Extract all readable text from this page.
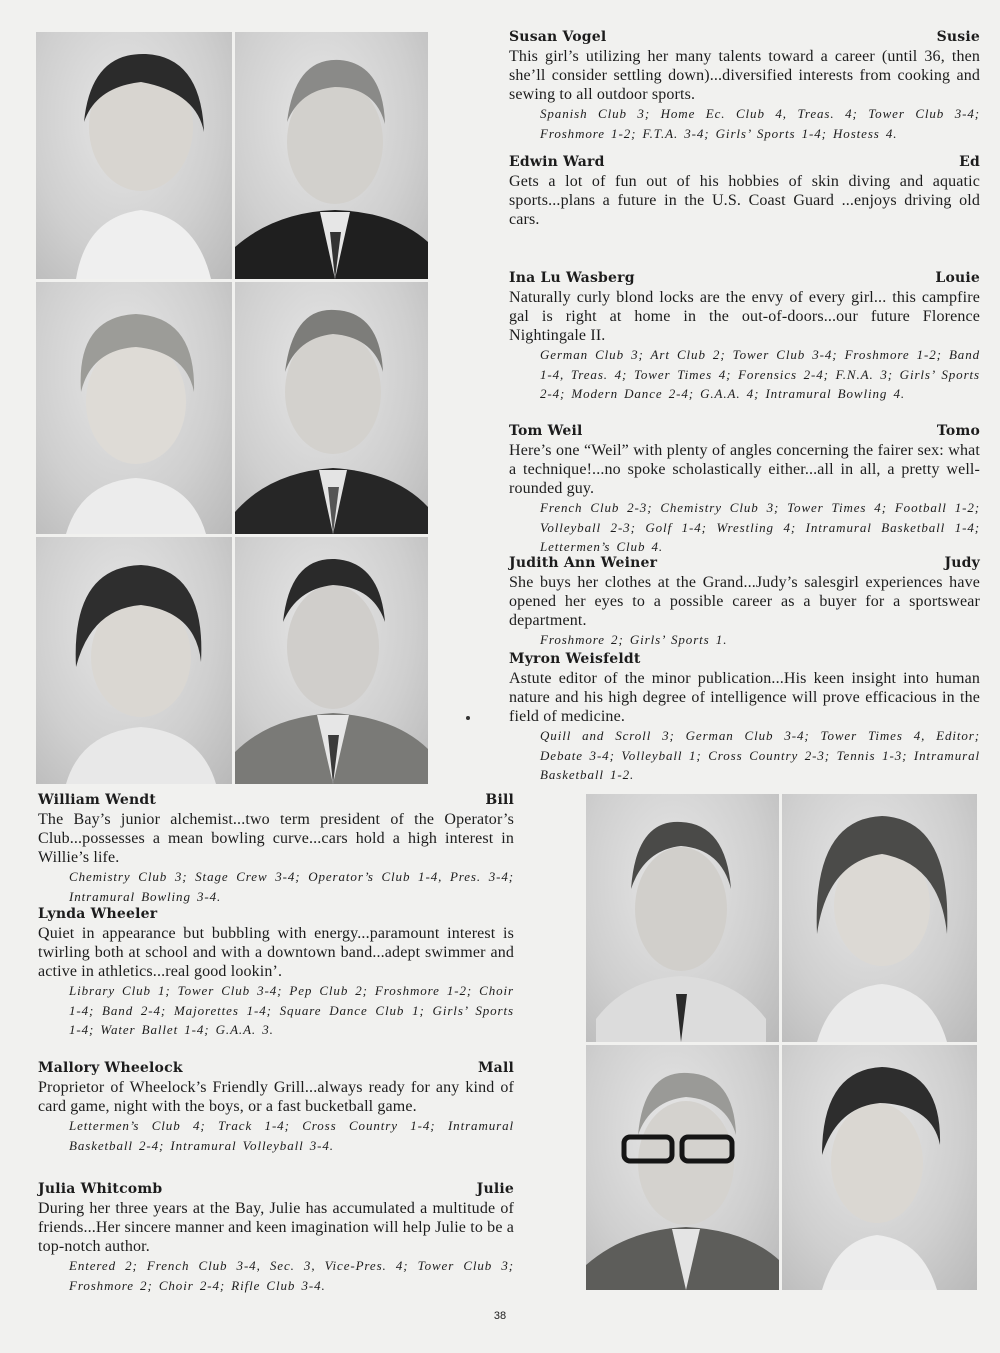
Susan Vogel	Susie

This girl’s utilizing her many talents toward a career (until 36, then she’ll consider settling down)...diversified interests from cooking and sewing to all outdoor sports.

Spanish Club 3; Home Ec. Club 4, Treas. 4; Tower Club 3-4; Froshmore 1-2; F.T.A. 3-4; Girls’ Sports 1-4; Hostess 4.
Edwin Ward	Ed

Gets a lot of fun out of his hobbies of skin diving and aquatic sports...plans a future in the U.S. Coast Guard ...enjoys driving old cars.

Ina Lu Wasberg	Louie

Naturally curly blond locks are the envy of every girl... this campfire gal is right at home in the out-of-doors...our future Florence Nightingale II.

German Club 3; Art Club 2; Tower Club 3-4; Froshmore 1-2; Band 1-4, Treas. 4; Tower Times 4; Forensics 2-4; F.N.A. 3; Girls’ Sports 2-4; Modern Dance 2-4; G.A.A. 4; Intramural Bowling 4.
Tom Weil	Tomo

Here’s one “Weil” with plenty of angles concerning the fairer sex: what a technique!...no spoke scholastically either...all in all, a pretty well-rounded guy.

French Club 2-3; Chemistry Club 3; Tower Times 4; Football 1-2; Volleyball 2-3; Golf 1-4; Wrestling 4; Intramural Basketball 1-4; Lettermen’s Club 4.
Judith Ann Weiner	Judy

She buys her clothes at the Grand...Judy’s salesgirl experiences have opened her eyes to a possible career as a buyer for a sportswear department.

Froshmore 2; Girls’ Sports 1.
Myron Weisfeldt

Astute editor of the minor publication...His keen insight into human nature and his high degree of intelligence will prove efficacious in the field of medicine.

Quill and Scroll 3; German Club 3-4; Tower Times 4, Editor; Debate 3-4; Volleyball 1; Cross Country 2-3; Tennis 1-3; Intramural Basketball 1-2.
William Wendt	Bill

The Bay’s junior alchemist...two term president of the Operator’s Club...possesses a mean bowling curve...cars hold a high interest in Willie’s life.

Chemistry Club 3; Stage Crew 3-4; Operator’s Club 1-4, Pres. 3-4; Intramural Bowling 3-4.
Lynda Wheeler

Quiet in appearance but bubbling with energy...paramount interest is twirling both at school and with a downtown band...adept swimmer and active in athletics...real good lookin’.

Library Club 1; Tower Club 3-4; Pep Club 2; Froshmore 1-2; Choir 1-4; Band 2-4; Majorettes 1-4; Square Dance Club 1; Girls’ Sports 1-4; Water Ballet 1-4; G.A.A. 3.
Mallory Wheelock	Mall

Proprietor of Wheelock’s Friendly Grill...always ready for any kind of card game, night with the boys, or a fast bucketball game.

Lettermen’s Club 4; Track 1-4; Cross Country 1-4; Intramural Basketball 2-4; Intramural Volleyball 3-4.
Julia Whitcomb	Julie

During her three years at the Bay, Julie has accumulated a multitude of friends...Her sincere manner and keen imagination will help Julie to be a top-notch author.

Entered 2; French Club 3-4, Sec. 3, Vice-Pres. 4; Tower Club 3; Froshmore 2; Choir 2-4; Rifle Club 3-4.
38
